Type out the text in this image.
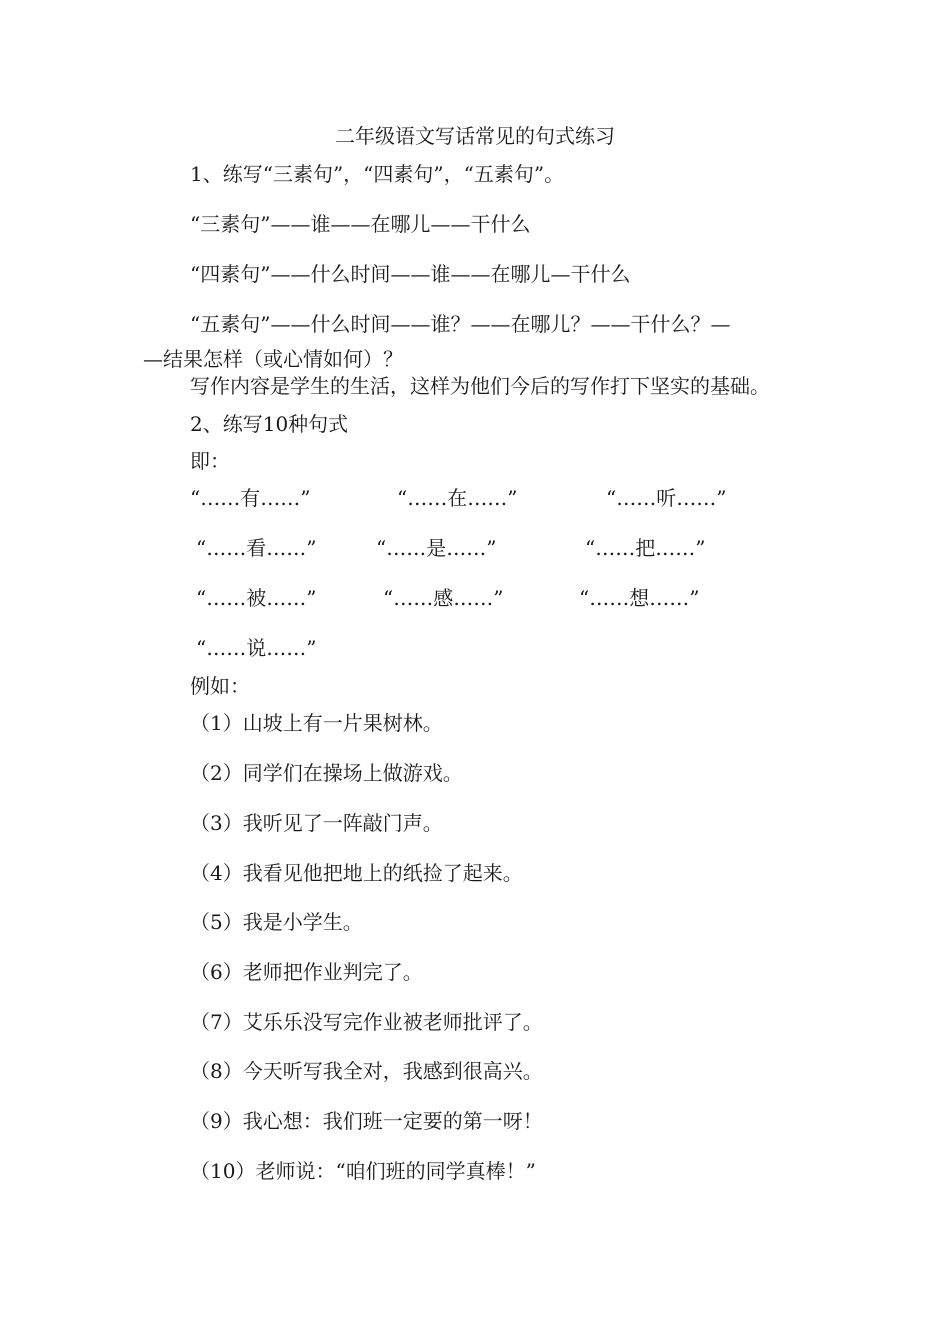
二年级语文写话常见的句式练习
1、练写“三素句”，“四素句”，“五素句”。
“三素句”——谁——在哪儿——干什么
“四素句”——什么时间——谁——在哪儿—干什么
“五素句”——什么时间——谁？——在哪儿？——干什么？—
—结果怎样（或心情如何）？
写作内容是学生的生活，这样为他们今后的写作打下坚实的基础。
2、练写10种句式
即：
“……有……”	“……在……”	“……听……”
“……看……”	“……是……”	“……把……”
“……被……”	“……感……”	“……想……”
“……说……”
例如：
（1）山坡上有一片果树林。
（2）同学们在操场上做游戏。
（3）我听见了一阵敲门声。
（4）我看见他把地上的纸捡了起来。
（5）我是小学生。
（6）老师把作业判完了。
（7）艾乐乐没写完作业被老师批评了。
（8）今天听写我全对，我感到很高兴。
（9）我心想：我们班一定要的第一呀！
（10）老师说：“咱们班的同学真棒！”
